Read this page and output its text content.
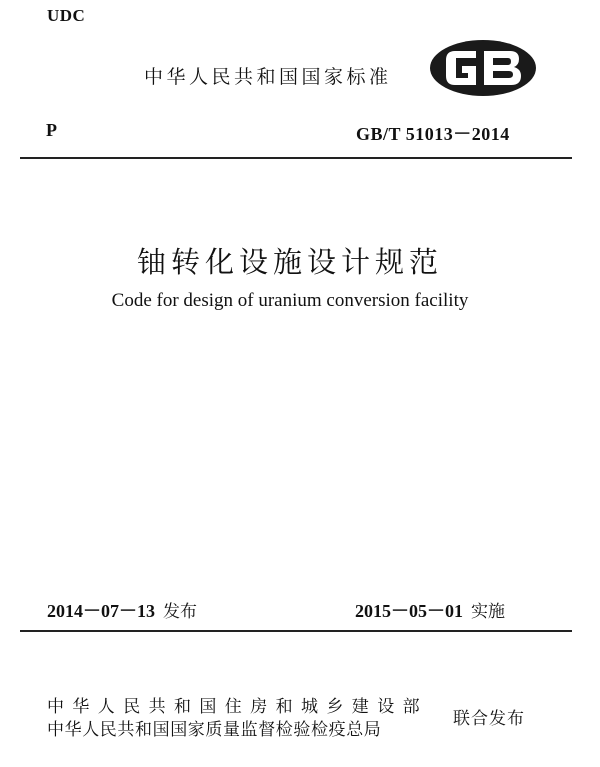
UDC
中华人民共和国国家标准
P	GB/T 51013－2014
铀转化设施设计规范
Code for design of uranium conversion facility
2014－07－13 发布	2015－05－01 实施
中华人民共和国住房和城乡建设部
中华人民共和国国家质量监督检验检疫总局
联合发布
